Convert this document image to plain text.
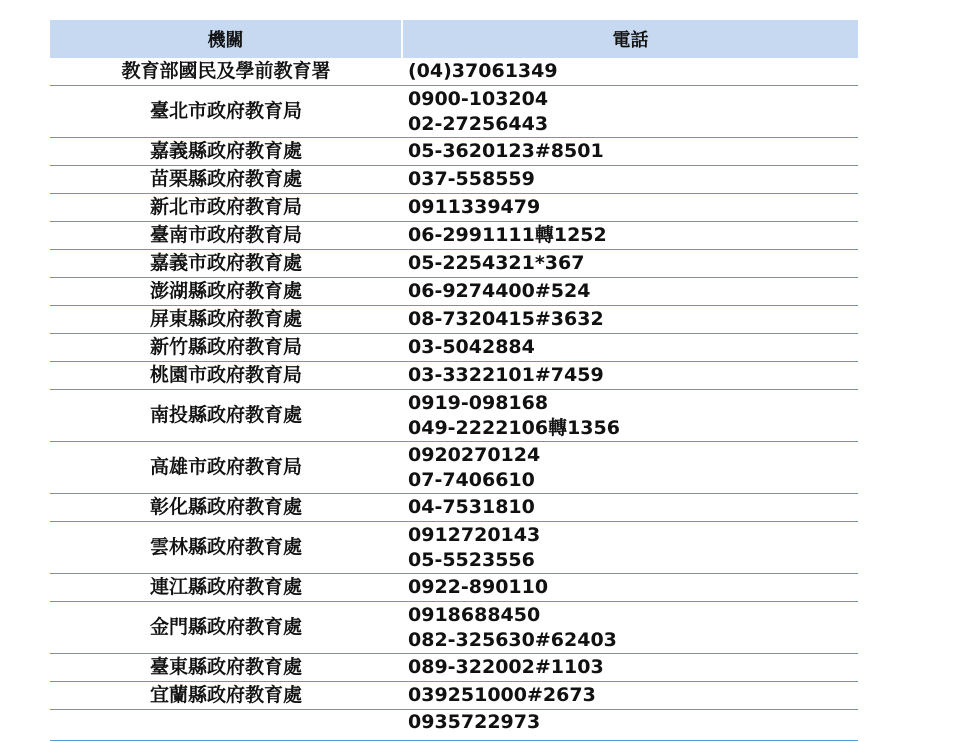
機關	電話
教育部國民及學前教育署	(04)37061349

臺北市政府教育局	0900-103204
02-27256443

嘉義縣政府教育處	05-3620123#8501

苗栗縣政府教育處	037-558559

新北市政府教育局	0911339479

臺南市政府教育局	06-2991111轉1252

嘉義市政府教育處	05-2254321*367

澎湖縣政府教育處	06-9274400#524

屏東縣政府教育處	08-7320415#3632

新竹縣政府教育局	03-5042884

桃園市政府教育局	03-3322101#7459

南投縣政府教育處	0919-098168
049-2222106轉1356

高雄市政府教育局	0920270124
07-7406610

彰化縣政府教育處	04-7531810

雲林縣政府教育處	0912720143
05-5523556

連江縣政府教育處	0922-890110

金門縣政府教育處	0918688450
082-325630#62403

臺東縣政府教育處	089-322002#1103

宜蘭縣政府教育處	039251000#2673

	0935722973
